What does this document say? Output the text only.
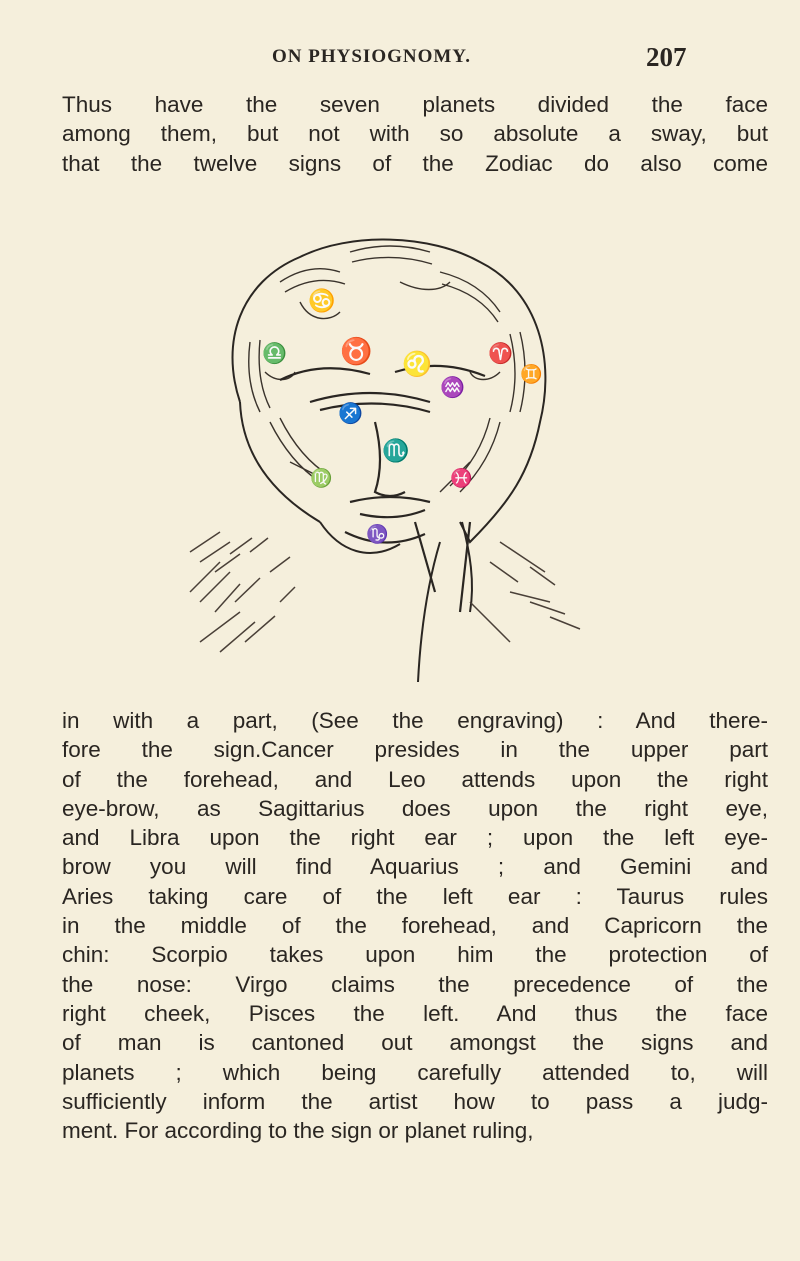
ON PHYSIOGNOMY.	207
Thus have the seven planets divided the face
among them, but not with so absolute a sway, but
that the twelve signs of the Zodiac do also come
♉ ♌
♋
♎	♈
♐
♏
♊
♒
♑
♍	♓
in with a part, (See the engraving) : And there-
fore the sign.Cancer presides in the upper part
of the forehead, and Leo attends upon the right
eye-brow, as Sagittarius does upon the right eye,
and Libra upon the right ear ; upon the left eye-
brow you will find Aquarius ; and Gemini and
Aries taking care of the left ear : Taurus rules
in the middle of the forehead, and Capricorn the
chin: Scorpio takes upon him the protection of
the nose: Virgo claims the precedence of the
right cheek, Pisces the left. And thus the face
of man is cantoned out amongst the signs and
planets ; which being carefully attended to, will
sufficiently inform the artist how to pass a judg-
ment. For according to the sign or planet ruling,
